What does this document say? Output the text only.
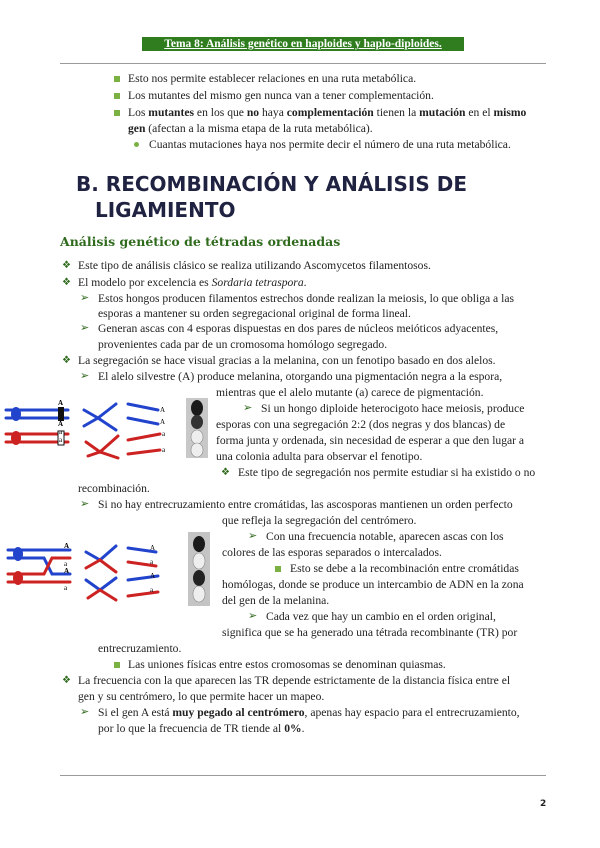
Tema 8: Análisis genético en haploides y haplo-diploides.
Esto nos permite establecer relaciones en una ruta metabólica.
Los mutantes del mismo gen nunca van a tener complementación.
Los mutantes en los que no haya complementación tienen la mutación en el mismo
gen (afectan a la misma etapa de la ruta metabólica).
Cuantas mutaciones haya nos permite decir el número de una ruta metabólica.
B. RECOMBINACIÓN Y ANÁLISIS DE
LIGAMIENTO
Análisis genético de tétradas ordenadas
❖ Este tipo de análisis clásico se realiza utilizando Ascomycetos filamentosos.
❖ El modelo por excelencia es Sordaria tetraspora.
➢ Estos hongos producen filamentos estrechos donde realizan la meiosis, lo que obliga a las
esporas a mantener su orden segregacional original de forma lineal.
➢ Generan ascas con 4 esporas dispuestas en dos pares de núcleos meióticos adyacentes,
provenientes cada par de un cromosoma homólogo segregado.
❖ La segregación se hace visual gracias a la melanina, con un fenotipo basado en dos alelos.
➢ El alelo silvestre (A) produce melanina, otorgando una pigmentación negra a la espora,
mientras que el alelo mutante (a) carece de pigmentación.
➢ Si un hongo diploide heterocigoto hace meiosis, produce
esporas con una segregación 2:2 (dos negras y dos blancas) de
forma junta y ordenada, sin necesidad de esperar a que den lugar a
una colonia adulta para observar el fenotipo.
❖ Este tipo de segregación nos permite estudiar si ha existido o no
recombinación.
➢ Si no hay entrecruzamiento entre cromátidas, las ascosporas mantienen un orden perfecto
que refleja la segregación del centrómero.
➢ Con una frecuencia notable, aparecen ascas con los
colores de las esporas separados o intercalados.
Esto se debe a la recombinación entre cromátidas
homólogas, donde se produce un intercambio de ADN en la zona
del gen de la melanina.
➢ Cada vez que hay un cambio en el orden original,
significa que se ha generado una tétrada recombinante (TR) por
entrecruzamiento.
Las uniones físicas entre estos cromosomas se denominan quiasmas.
❖ La frecuencia con la que aparecen las TR depende estrictamente de la distancia física entre el
gen y su centrómero, lo que permite hacer un mapeo.
➢ Si el gen A está muy pegado al centrómero, apenas hay espacio para el entrecruzamiento,
por lo que la frecuencia de TR tiende al 0%.
A
A
a
a
A
A
a
a
A
a
A
a
A
a
A
a
2
